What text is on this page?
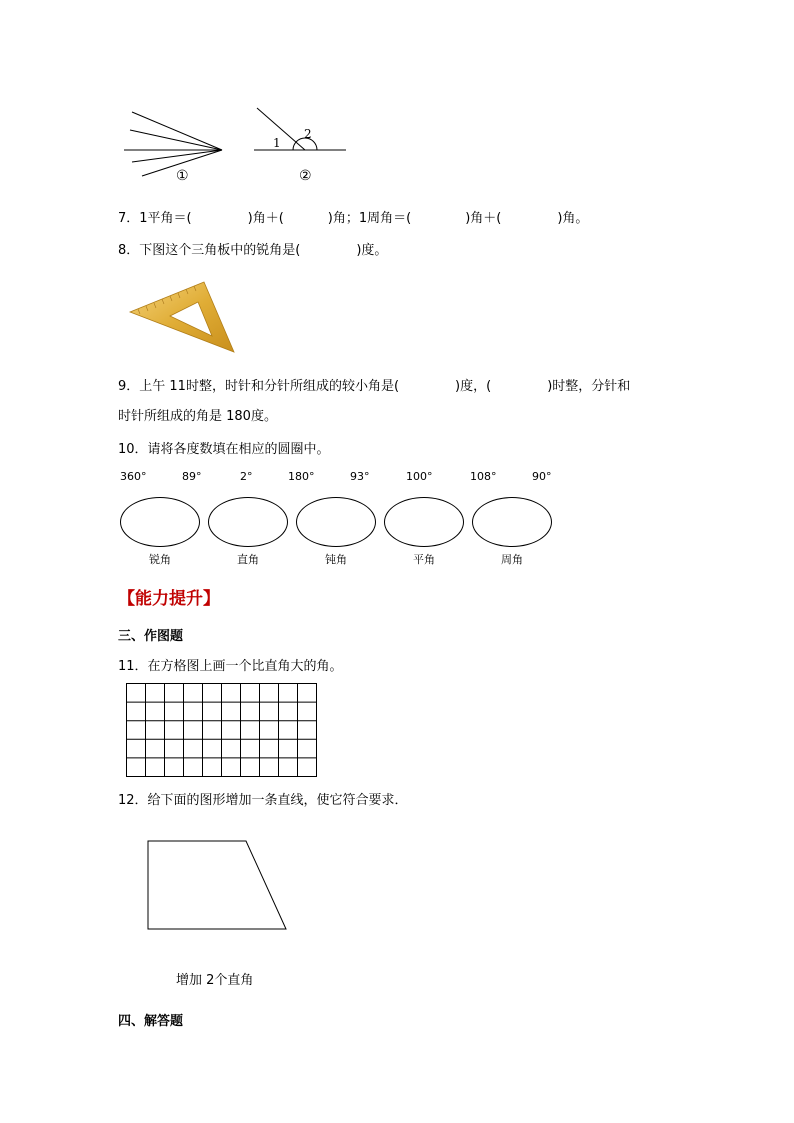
①
1
2
②
7．1平角＝(	)角＋(	)角；1周角＝(	)角＋(	)角。
8．下图这个三角板中的锐角是(	)度。
9．上午 11时整，时针和分针所组成的较小角是(	)度，(	)时整，分针和
时针所组成的角是 180度。
10．请将各度数填在相应的圆圈中。
360°	89°	2°	180°	93°	100°	108°	90°
锐角	直角	钝角	平角	周角
【能力提升】
三、作图题
11．在方格图上画一个比直角大的角。
12．给下面的图形增加一条直线，使它符合要求．
增加 2个直角
四、解答题
